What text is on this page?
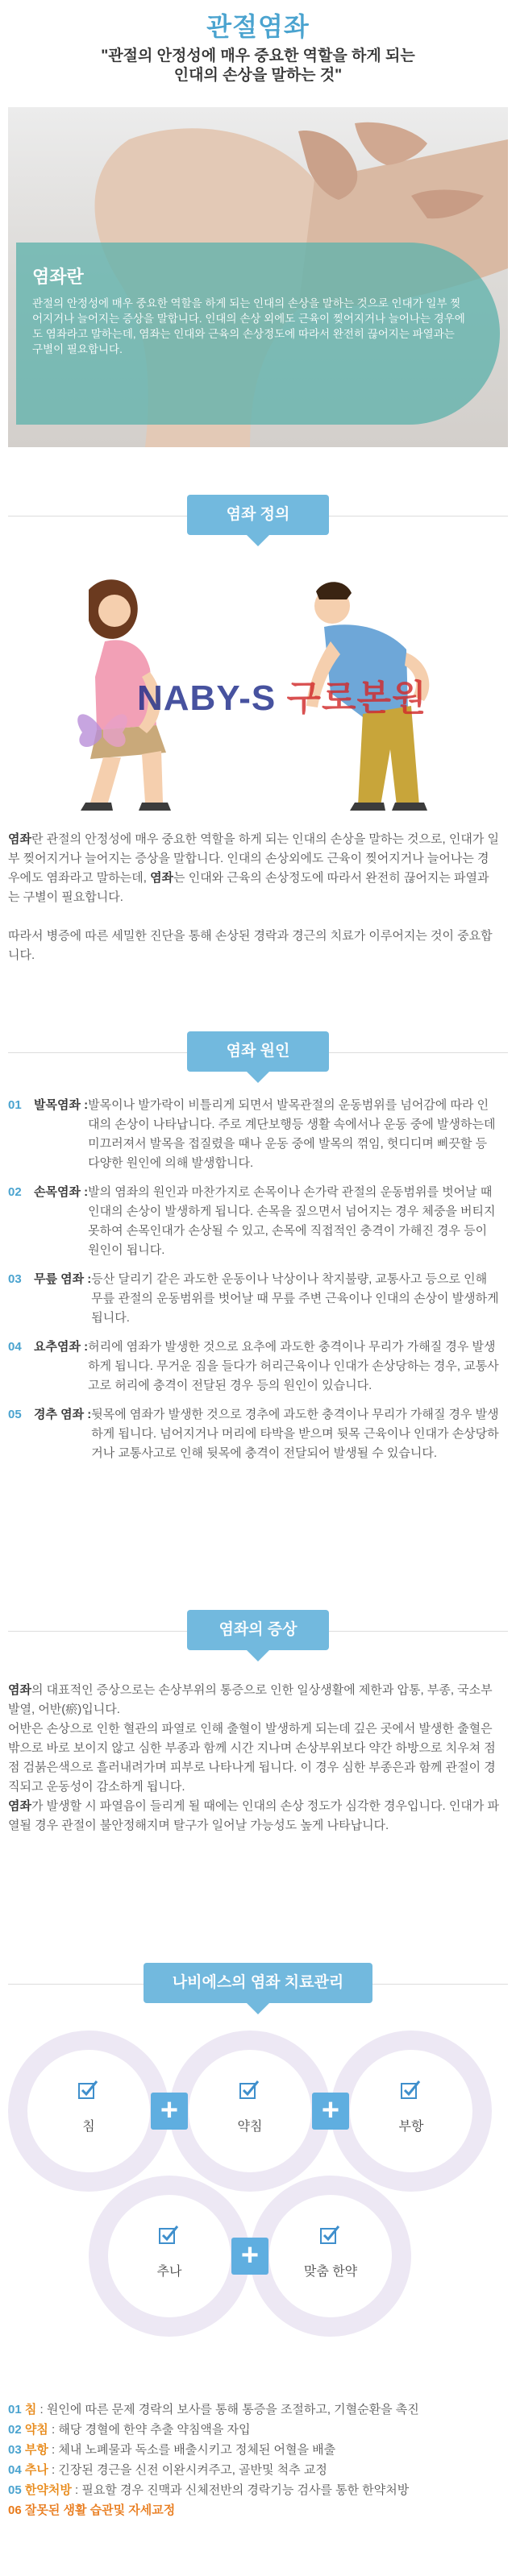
관절염좌
"관절의 안정성에 매우 중요한 역할을 하게 되는
인대의 손상을 말하는 것"
염좌란
관절의 안정성에 매우 중요한 역할을 하게 되는 인대의 손상을 말하는 것으로 인대가 일부 찢어지거나 늘어지는 증상을 말합니다. 인대의 손상 외에도 근육이 찢어지거나 늘어나는 경우에도 염좌라고 말하는데, 염좌는 인대와 근육의 손상정도에 따라서 완전히 끊어지는 파열과는 구별이 필요합니다.
염좌 정의
NABY-S 구로본원
염좌란 관절의 안정성에 매우 중요한 역할을 하게 되는 인대의 손상을 말하는 것으로, 인대가 일부 찢어지거나 늘어지는 증상을 말합니다. 인대의 손상외에도 근육이 찢어지거나 늘어나는 경우에도 염좌라고 말하는데, 염좌는 인대와 근육의 손상정도에 따라서 완전히 끊어지는 파열과는 구별이 필요합니다.
따라서 병증에 따른 세밀한 진단을 통해 손상된 경락과 경근의 치료가 이루어지는 것이 중요합니다.
염좌 원인
01	발목염좌 : 발목이나 발가락이 비틀리게 되면서 발목관절의 운동범위를 넘어감에 따라 인대의 손상이 나타납니다. 주로 계단보행등 생활 속에서나 운동 중에 발생하는데 미끄러져서 발목을 접질렸을 때나 운동 중에 발목의 꺾임, 헛디디며 삐끗할 등 다양한 원인에 의해 발생합니다.
02	손목염좌 : 발의 염좌의 원인과 마찬가지로 손목이나 손가락 관절의 운동범위를 벗어날 때 인대의 손상이 발생하게 됩니다. 손목을 짚으면서 넘어지는 경우 체중을 버티지 못하여 손목인대가 손상될 수 있고, 손목에 직접적인 충격이 가해진 경우 등이 원인이 됩니다.
03	무릎 염좌 : 등산 달리기 같은 과도한 운동이나 낙상이나 착지불량, 교통사고 등으로 인해 무릎 관절의 운동범위를 벗어날 때 무릎 주변 근육이나 인대의 손상이 발생하게 됩니다.
04	요추염좌 : 허리에 염좌가 발생한 것으로 요추에 과도한 충격이나 무리가 가해질 경우 발생하게 됩니다. 무거운 짐을 들다가 허리근육이나 인대가 손상당하는 경우, 교통사고로 허리에 충격이 전달된 경우 등의 원인이 있습니다.
05	경추 염좌 : 뒷목에 염좌가 발생한 것으로 경추에 과도한 충격이나 무리가 가해질 경우 발생하게 됩니다. 넘어지거나 머리에 타박을 받으며 뒷목 근육이나 인대가 손상당하거나 교통사고로 인해 뒷목에 충격이 전달되어 발생될 수 있습니다.
염좌의 증상
염좌의 대표적인 증상으로는 손상부위의 통증으로 인한 일상생활에 제한과 압통, 부종, 국소부 발열, 어반(瘀)입니다.
어반은 손상으로 인한 혈관의 파열로 인해 출혈이 발생하게 되는데 깊은 곳에서 발생한 출혈은 밖으로 바로 보이지 않고 심한 부종과 함께 시간 지나며 손상부위보다 약간 하방으로 치우쳐 점점 검붉은색으로 흘러내려가며 피부로 나타나게 됩니다. 이 경우 심한 부종은과 함께 관절이 경직되고 운동성이 감소하게 됩니다.
염좌가 발생할 시 파열음이 들리게 될 때에는 인대의 손상 정도가 심각한 경우입니다. 인대가 파열될 경우 관절이 불안정해지며 탈구가 일어날 가능성도 높게 나타납니다.
나비에스의 염좌 치료관리
침	약침	부항
추나	맞춤 한약
+	+
+
01 침 : 원인에 따른 문제 경락의 보사를 통해 통증을 조절하고, 기혈순환을 촉진
02 약침 : 해당 경혈에 한약 추출 약침액을 자입
03 부항 : 체내 노폐물과 독소를 배출시키고 정체된 어혈을 배출
04 추나 : 긴장된 경근을 신전 이완시켜주고, 골반및 척추 교정
05 한약처방 : 필요할 경우 진맥과 신체전반의 경락기능 검사를 통한 한약처방
06 잘못된 생활 습관및 자세교정
